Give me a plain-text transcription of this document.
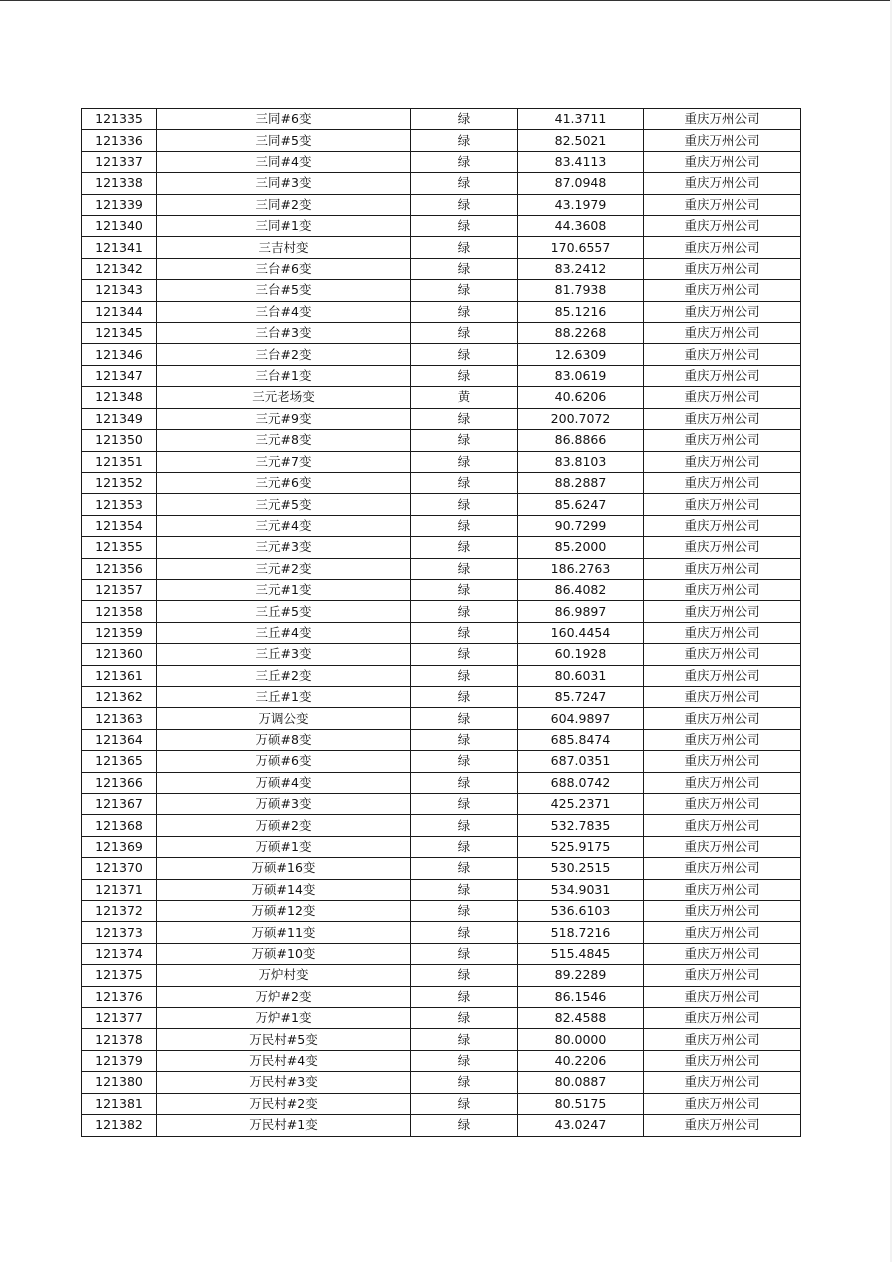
121335	三同#6变	绿	41.3711	重庆万州公司
121336	三同#5变	绿	82.5021	重庆万州公司
121337	三同#4变	绿	83.4113	重庆万州公司
121338	三同#3变	绿	87.0948	重庆万州公司
121339	三同#2变	绿	43.1979	重庆万州公司
121340	三同#1变	绿	44.3608	重庆万州公司
121341	三吉村变	绿	170.6557	重庆万州公司
121342	三台#6变	绿	83.2412	重庆万州公司
121343	三台#5变	绿	81.7938	重庆万州公司
121344	三台#4变	绿	85.1216	重庆万州公司
121345	三台#3变	绿	88.2268	重庆万州公司
121346	三台#2变	绿	12.6309	重庆万州公司
121347	三台#1变	绿	83.0619	重庆万州公司
121348	三元老场变	黄	40.6206	重庆万州公司
121349	三元#9变	绿	200.7072	重庆万州公司
121350	三元#8变	绿	86.8866	重庆万州公司
121351	三元#7变	绿	83.8103	重庆万州公司
121352	三元#6变	绿	88.2887	重庆万州公司
121353	三元#5变	绿	85.6247	重庆万州公司
121354	三元#4变	绿	90.7299	重庆万州公司
121355	三元#3变	绿	85.2000	重庆万州公司
121356	三元#2变	绿	186.2763	重庆万州公司
121357	三元#1变	绿	86.4082	重庆万州公司
121358	三丘#5变	绿	86.9897	重庆万州公司
121359	三丘#4变	绿	160.4454	重庆万州公司
121360	三丘#3变	绿	60.1928	重庆万州公司
121361	三丘#2变	绿	80.6031	重庆万州公司
121362	三丘#1变	绿	85.7247	重庆万州公司
121363	万调公变	绿	604.9897	重庆万州公司
121364	万硕#8变	绿	685.8474	重庆万州公司
121365	万硕#6变	绿	687.0351	重庆万州公司
121366	万硕#4变	绿	688.0742	重庆万州公司
121367	万硕#3变	绿	425.2371	重庆万州公司
121368	万硕#2变	绿	532.7835	重庆万州公司
121369	万硕#1变	绿	525.9175	重庆万州公司
121370	万硕#16变	绿	530.2515	重庆万州公司
121371	万硕#14变	绿	534.9031	重庆万州公司
121372	万硕#12变	绿	536.6103	重庆万州公司
121373	万硕#11变	绿	518.7216	重庆万州公司
121374	万硕#10变	绿	515.4845	重庆万州公司
121375	万炉村变	绿	89.2289	重庆万州公司
121376	万炉#2变	绿	86.1546	重庆万州公司
121377	万炉#1变	绿	82.4588	重庆万州公司
121378	万民村#5变	绿	80.0000	重庆万州公司
121379	万民村#4变	绿	40.2206	重庆万州公司
121380	万民村#3变	绿	80.0887	重庆万州公司
121381	万民村#2变	绿	80.5175	重庆万州公司
121382	万民村#1变	绿	43.0247	重庆万州公司
